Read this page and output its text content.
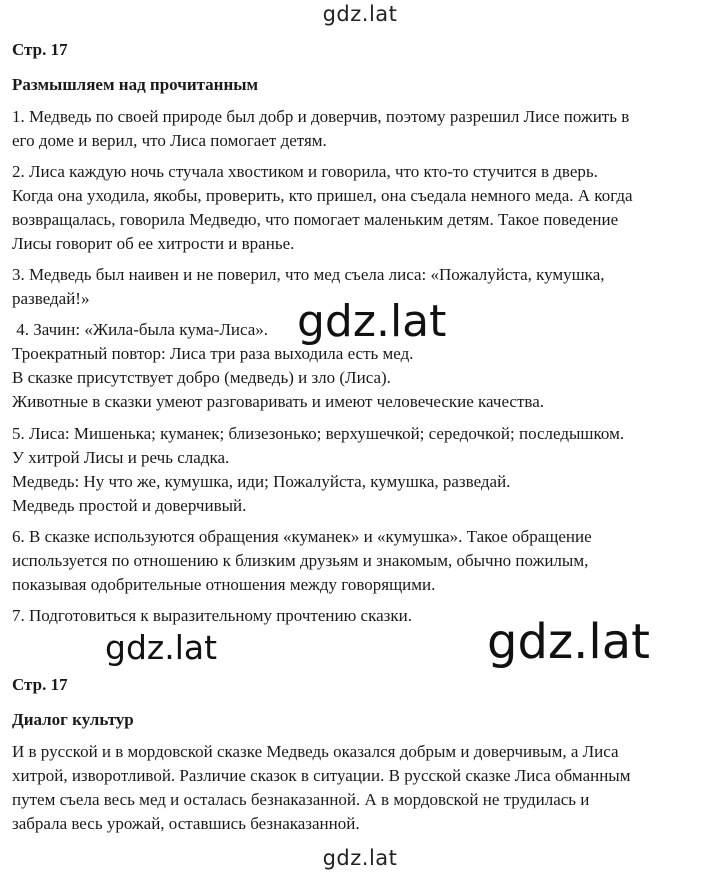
gdz.lat
Стр. 17
Размышляем над прочитанным
1. Медведь по своей природе был добр и доверчив, поэтому разрешил Лисе пожить в
его доме и верил, что Лиса помогает детям.
2. Лиса каждую ночь стучала хвостиком и говорила, что кто-то стучится в дверь.
Когда она уходила, якобы, проверить, кто пришел, она съедала немного меда. А когда
возвращалась, говорила Медведю, что помогает маленьким детям. Такое поведение
Лисы говорит об ее хитрости и вранье.
3. Медведь был наивен и не поверил, что мед съела лиса: «Пожалуйста, кумушка,
разведай!»
4. Зачин: «Жила-была кума-Лиса».
Троекратный повтор: Лиса три раза выходила есть мед.
В сказке присутствует добро (медведь) и зло (Лиса).
Животные в сказки умеют разговаривать и имеют человеческие качества.
5. Лиса: Мишенька; куманек; близезонько; верхушечкой; середочкой; последышком.
У хитрой Лисы и речь сладка.
Медведь: Ну что же, кумушка, иди; Пожалуйста, кумушка, разведай.
Медведь простой и доверчивый.
6. В сказке используются обращения «куманек» и «кумушка». Такое обращение
используется по отношению к близким друзьям и знакомым, обычно пожилым,
показывая одобрительные отношения между говорящими.
7. Подготовиться к выразительному прочтению сказки.
Стр. 17
Диалог культур
И в русской и в мордовской сказке Медведь оказался добрым и доверчивым, а Лиса
хитрой, изворотливой. Различие сказок в ситуации. В русской сказке Лиса обманным
путем съела весь мед и осталась безнаказанной. А в мордовской не трудилась и
забрала весь урожай, оставшись безнаказанной.
gdz.lat
gdz.lat	gdz.lat
gdz.lat
